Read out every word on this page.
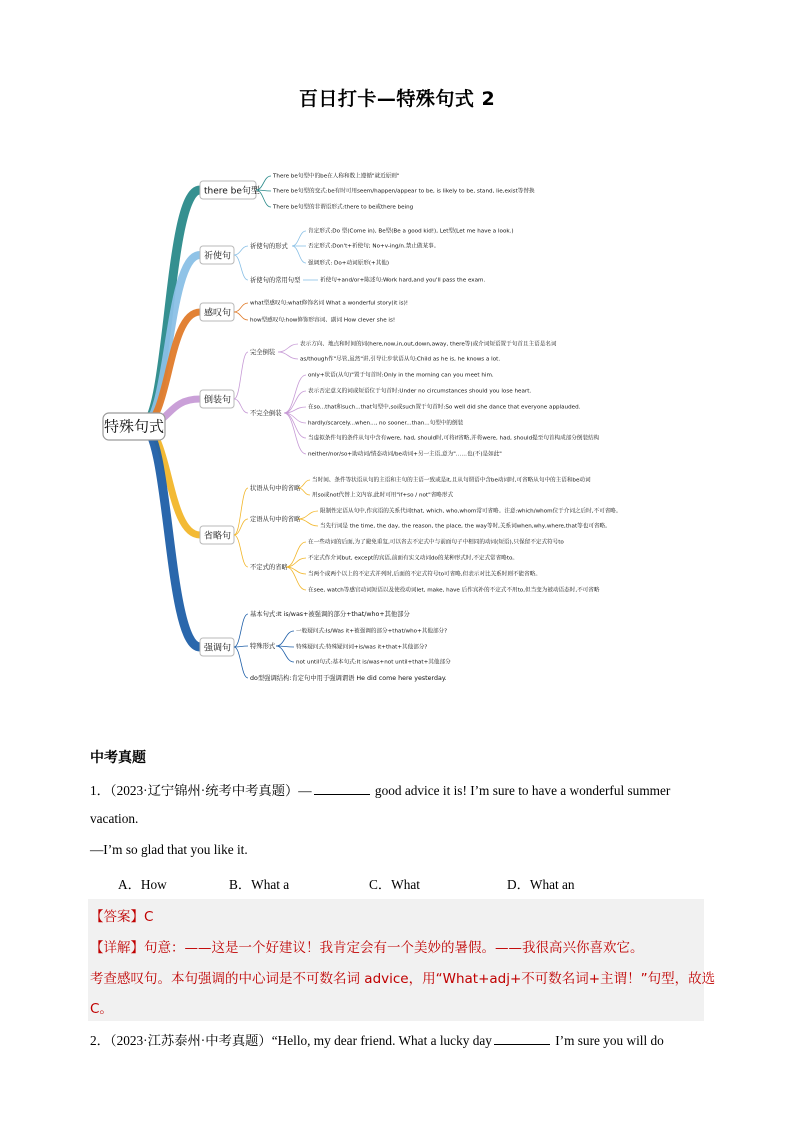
百日打卡—特殊句式 2
特殊句式
there be句型
祈使句
感叹句
倒装句
省略句
强调句
There be句型中的be在人称和数上遵循"就近原则"
There be句型的变式:be有时可用seem/happen/appear to be, is likely to be, stand, lie,exist等替换
There be句型的非谓语形式:there to be或there being
祈使句的形式
肯定形式:Do 型(Come in), Be型(Be a good kid!), Let型(Let me have a look.)
否定形式:Don't+祈使句; No+v-ing/n.禁止做某事。
强调形式: Do+动词原形(+其他)
祈使句的常用句型	祈使句+and/or+陈述句:Work hard,and you'll pass the exam.
what型感叹句:what修饰名词 What a wonderful story(it is)!
how型感叹句:how修饰形容词、副词 How clever she is!
完全倒装
表示方向、地点和时间的词(here,now,in,out,down,away, there等)或介词短语置于句首且主语是名词
as/though作"尽管,虽然"讲,引导让步状语从句:Child as he is, he knows a lot.
不完全倒装
only+状语(从句)"置于句首时:Only in the morning can you meet him.
表示否定意义的词或短语位于句首时:Under no circumstances should you lose heart.
在so...that和such...that句型中,so或such置于句首时:So well did she dance that everyone applauded.
hardly/scarcely...when..., no sooner...than...句型中的倒装
当虚拟条件句的条件从句中含有were, had, should时,可将if省略,并将were, had, should提至句首构成部分倒装结构
neither/nor/so+助动词/情态动词/be动词+另一主语,意为"……也(不)是如此"
状语从句中的省略
当时间、条件等状语从句的主语和主句的主语一致或是it,且从句谓语中含be动词时,可省略从句中的主语和be动词
用so或not代替上文内容,此时可用"if+so / not"省略形式
定语从句中的省略
限制性定语从句中,作宾语的关系代词that, which, who,whom常可省略。注意:which/whom位于介词之后时,不可省略。
当先行词是 the time, the day, the reason, the place, the way等时,关系词when,why,where,that等也可省略。
不定式的省略
在一些动词的后面,为了避免重复,可以省去不定式中与前面句子中相同的动词(短语),只保留不定式符号to
不定式作介词but, except的宾语,前面有实义动词do的某种形式时,不定式常省略to。
当两个或两个以上的不定式并列时,后面的不定式符号to可省略,但表示对比关系时则不能省略。
在see, watch等感官动词短语以及使役动词let, make, have 后作宾补的不定式不用to,但当变为被动语态时,不可省略
基本句式:It is/was+被强调的部分+that/who+其他部分
特殊形式
一般疑问式:Is/Was it+被强调的部分+that/who+其他部分?
特殊疑问式:特殊疑问词+is/was it+that+其他部分?
not until句式:基本句式:It is/was+not until+that+其他部分
do型强调结构:肯定句中用于强调谓语 He did come here yesterday.
中考真题
1．（2023·辽宁锦州·统考中考真题）—	good advice it is! I’m sure to have a wonderful summer
vacation.
—I’m so glad that you like it.
A．How	B．What a	C．What	D．What an
【答案】C
【详解】句意：——这是一个好建议！我肯定会有一个美妙的暑假。——我很高兴你喜欢它。
考查感叹句。本句强调的中心词是不可数名词 advice，用“What+adj+不可数名词+主谓！”句型，故选
C。
2．（2023·江苏泰州·中考真题）“Hello, my dear friend. What a lucky day	I’m sure you will do
